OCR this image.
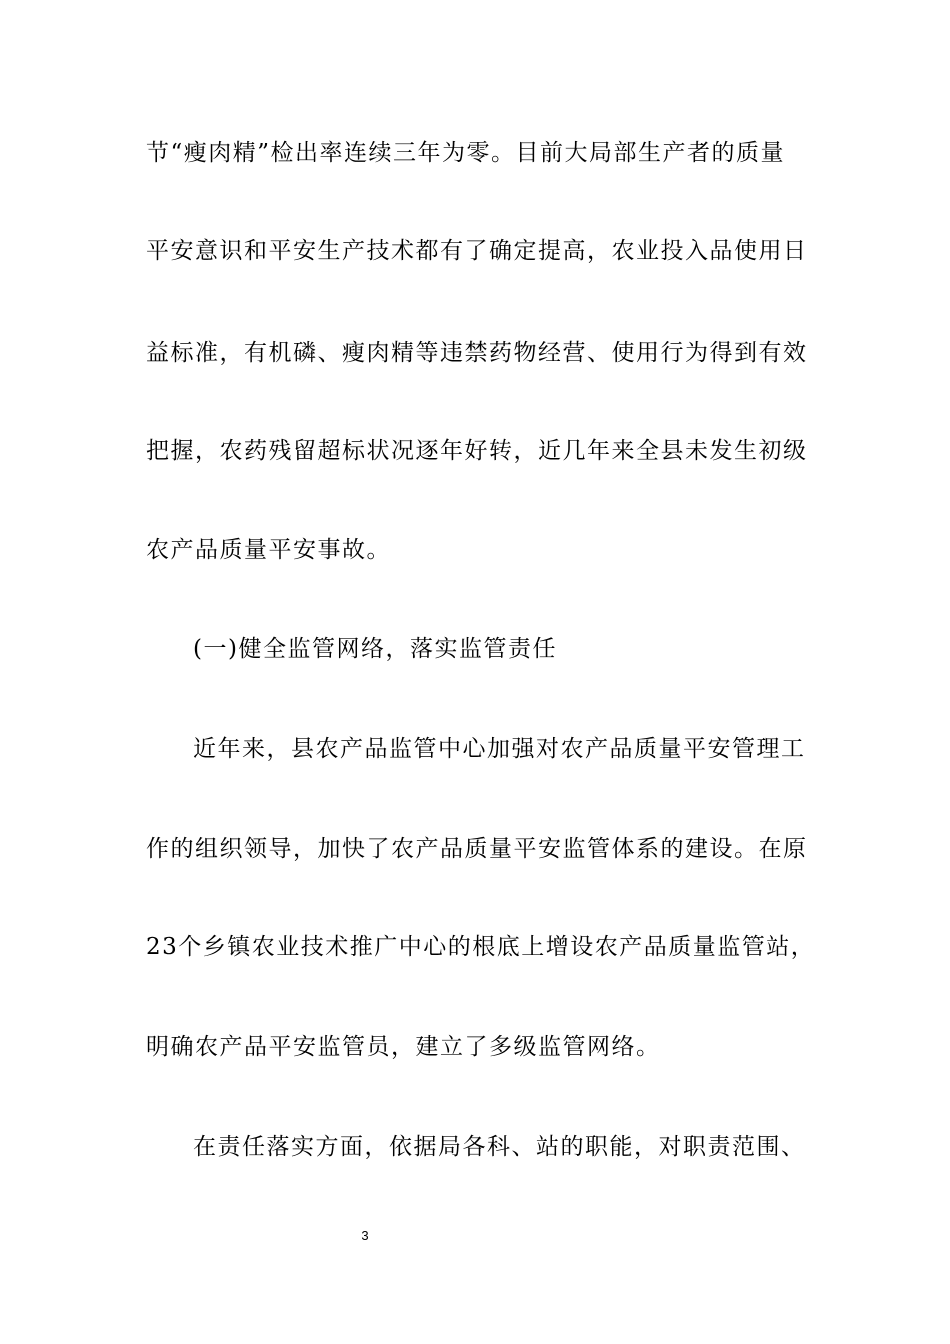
节“瘦肉精”检出率连续三年为零。目前大局部生产者的质量
平安意识和平安生产技术都有了确定提高，农业投入品使用日
益标准，有机磷、瘦肉精等违禁药物经营、使用行为得到有效
把握，农药残留超标状况逐年好转，近几年来全县未发生初级
农产品质量平安事故。
(一)健全监管网络，落实监管责任
近年来，县农产品监管中心加强对农产品质量平安管理工
作的组织领导，加快了农产品质量平安监管体系的建设。在原
23个乡镇农业技术推广中心的根底上增设农产品质量监管站，
明确农产品平安监管员，建立了多级监管网络。
在责任落实方面，依据局各科、站的职能，对职责范围、
3
